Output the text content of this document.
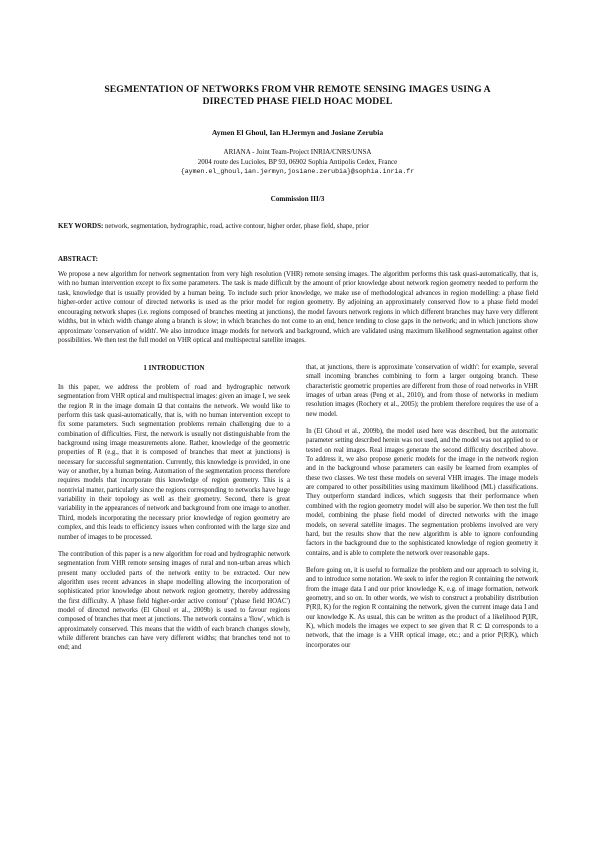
SEGMENTATION OF NETWORKS FROM VHR REMOTE SENSING IMAGES USING A
DIRECTED PHASE FIELD HOAC MODEL
Aymen El Ghoul, Ian H.Jermyn and Josiane Zerubia
ARIANA - Joint Team-Project INRIA/CNRS/UNSA
2004 route des Lucioles, BP 93, 06902 Sophia Antipolis Cedex, France
{aymen.el_ghoul,ian.jermyn,josiane.zerubia}@sophia.inria.fr
Commission III/3
KEY WORDS: network, segmentation, hydrographic, road, active contour, higher order, phase field, shape, prior
ABSTRACT:
We propose a new algorithm for network segmentation from very high resolution (VHR) remote sensing images. The algorithm performs this task quasi-automatically, that is, with no human intervention except to fix some parameters. The task is made difficult by the amount of prior knowledge about network region geometry needed to perform the task, knowledge that is usually provided by a human being. To include such prior knowledge, we make use of methodological advances in region modelling: a phase field higher-order active contour of directed networks is used as the prior model for region geometry. By adjoining an approximately conserved flow to a phase field model encouraging network shapes (i.e. regions composed of branches meeting at junctions), the model favours network regions in which different branches may have very different widths, but in which width change along a branch is slow; in which branches do not come to an end, hence tending to close gaps in the network; and in which junctions show approximate 'conservation of width'. We also introduce image models for network and background, which are validated using maximum likelihood segmentation against other possibilities. We then test the full model on VHR optical and multispectral satellite images.
1 INTRODUCTION

In this paper, we address the problem of road and hydrographic network segmentation from VHR optical and multispectral images: given an image I, we seek the region R in the image domain Ω that contains the network. We would like to perform this task quasi-automatically, that is, with no human intervention except to fix some parameters. Such segmentation problems remain challenging due to a combination of difficulties. First, the network is usually not distinguishable from the background using image measurements alone. Rather, knowledge of the geometric properties of R (e.g., that it is composed of branches that meet at junctions) is necessary for successful segmentation. Currently, this knowledge is provided, in one way or another, by a human being. Automation of the segmentation process therefore requires models that incorporate this knowledge of region geometry. This is a nontrivial matter, particularly since the regions corresponding to networks have huge variability in their topology as well as their geometry. Second, there is great variability in the appearances of network and background from one image to another. Third, models incorporating the necessary prior knowledge of region geometry are complex, and this leads to efficiency issues when confronted with the large size and number of images to be processed.

The contribution of this paper is a new algorithm for road and hydrographic network segmentation from VHR remote sensing images of rural and non-urban areas which present many occluded parts of the network entity to be extracted. Our new algorithm uses recent advances in shape modelling allowing the incorporation of sophisticated prior knowledge about network region geometry, thereby addressing the first difficulty. A 'phase field higher-order active contour' ('phase field HOAC') model of directed networks (El Ghoul et al., 2009b) is used to favour regions composed of branches that meet at junctions. The network contains a 'flow', which is approximately conserved. This means that the width of each branch changes slowly, while different branches can have very different widths; that branches tend not to end; and

that, at junctions, there is approximate 'conservation of width': for example, several small incoming branches combining to form a larger outgoing branch. These characteristic geometric properties are different from those of road networks in VHR images of urban areas (Peng et al., 2010), and from those of networks in medium resolution images (Rochery et al., 2005); the problem therefore requires the use of a new model.

In (El Ghoul et al., 2009b), the model used here was described, but the automatic parameter setting described herein was not used, and the model was not applied to or tested on real images. Real images generate the second difficulty described above. To address it, we also propose generic models for the image in the network region and in the background whose parameters can easily be learned from examples of these two classes. We test these models on several VHR images. The image models are compared to other possibilities using maximum likelihood (ML) classifications. They outperform standard indices, which suggests that their performance when combined with the region geometry model will also be superior. We then test the full model, combining the phase field model of directed networks with the image models, on several satellite images. The segmentation problems involved are very hard, but the results show that the new algorithm is able to ignore confounding factors in the background due to the sophisticated knowledge of region geometry it contains, and is able to complete the network over reasonable gaps.

Before going on, it is useful to formalize the problem and our approach to solving it, and to introduce some notation. We seek to infer the region R containing the network from the image data I and our prior knowledge K, e.g. of image formation, network geometry, and so on. In other words, we wish to construct a probability distribution P(R|I, K) for the region R containing the network, given the current image data I and our knowledge K. As usual, this can be written as the product of a likelihood P(I|R, K), which models the images we expect to see given that R ⊂ Ω corresponds to a network, that the image is a VHR optical image, etc.; and a prior P(R|K), which incorporates our
